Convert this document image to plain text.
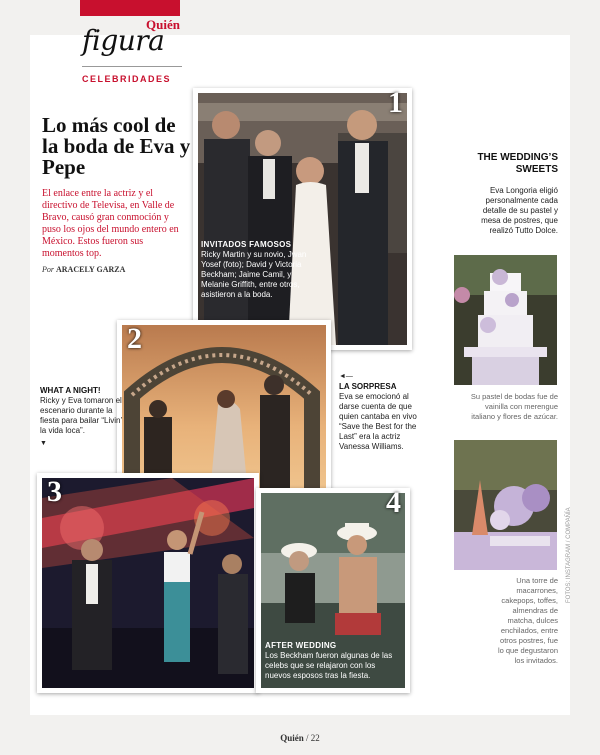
Quién
figura
CELEBRIDADES
Lo más cool de la boda de Eva y Pepe
El enlace entre la actriz y el directivo de Televisa, en Valle de Bravo, causó gran conmoción y puso los ojos del mundo entero en México. Estos fueron sus momentos top.
Por ARACELY GARZA
1
INVITADOS FAMOSOS
Ricky Martin y su novio, Jwan Yosef (foto); David y Victoria Beckham; Jaime Camil, y Melanie Griffith, entre otros, asistieron a la boda.
2
3	4
AFTER WEDDING
Los Beckham fueron algunas de las celebs que se relajaron con los nuevos esposos tras la fiesta.
WHAT A NIGHT!
Ricky y Eva tomaron el escenario durante la fiesta para bailar “Livin’ la vida loca”.
▼
◄—
LA SORPRESA
Eva se emocionó al darse cuenta de que quien cantaba en vivo “Save the Best for the Last” era la actriz Vanessa Williams.
THE WEDDING’S SWEETS
Eva Longoria eligió personalmente cada detalle de su pastel y mesa de postres, que realizó Tutto Dolce.
Su pastel de bodas fue de vainilla con merengue italiano y flores de azúcar.
Una torre de macarrones, cakepops, toffes, almendras de matcha, dulces enchilados, entre otros postres, fue lo que degustaron los invitados.
FOTOS: INSTAGRAM / COMPAÑÍA
Quién / 22
